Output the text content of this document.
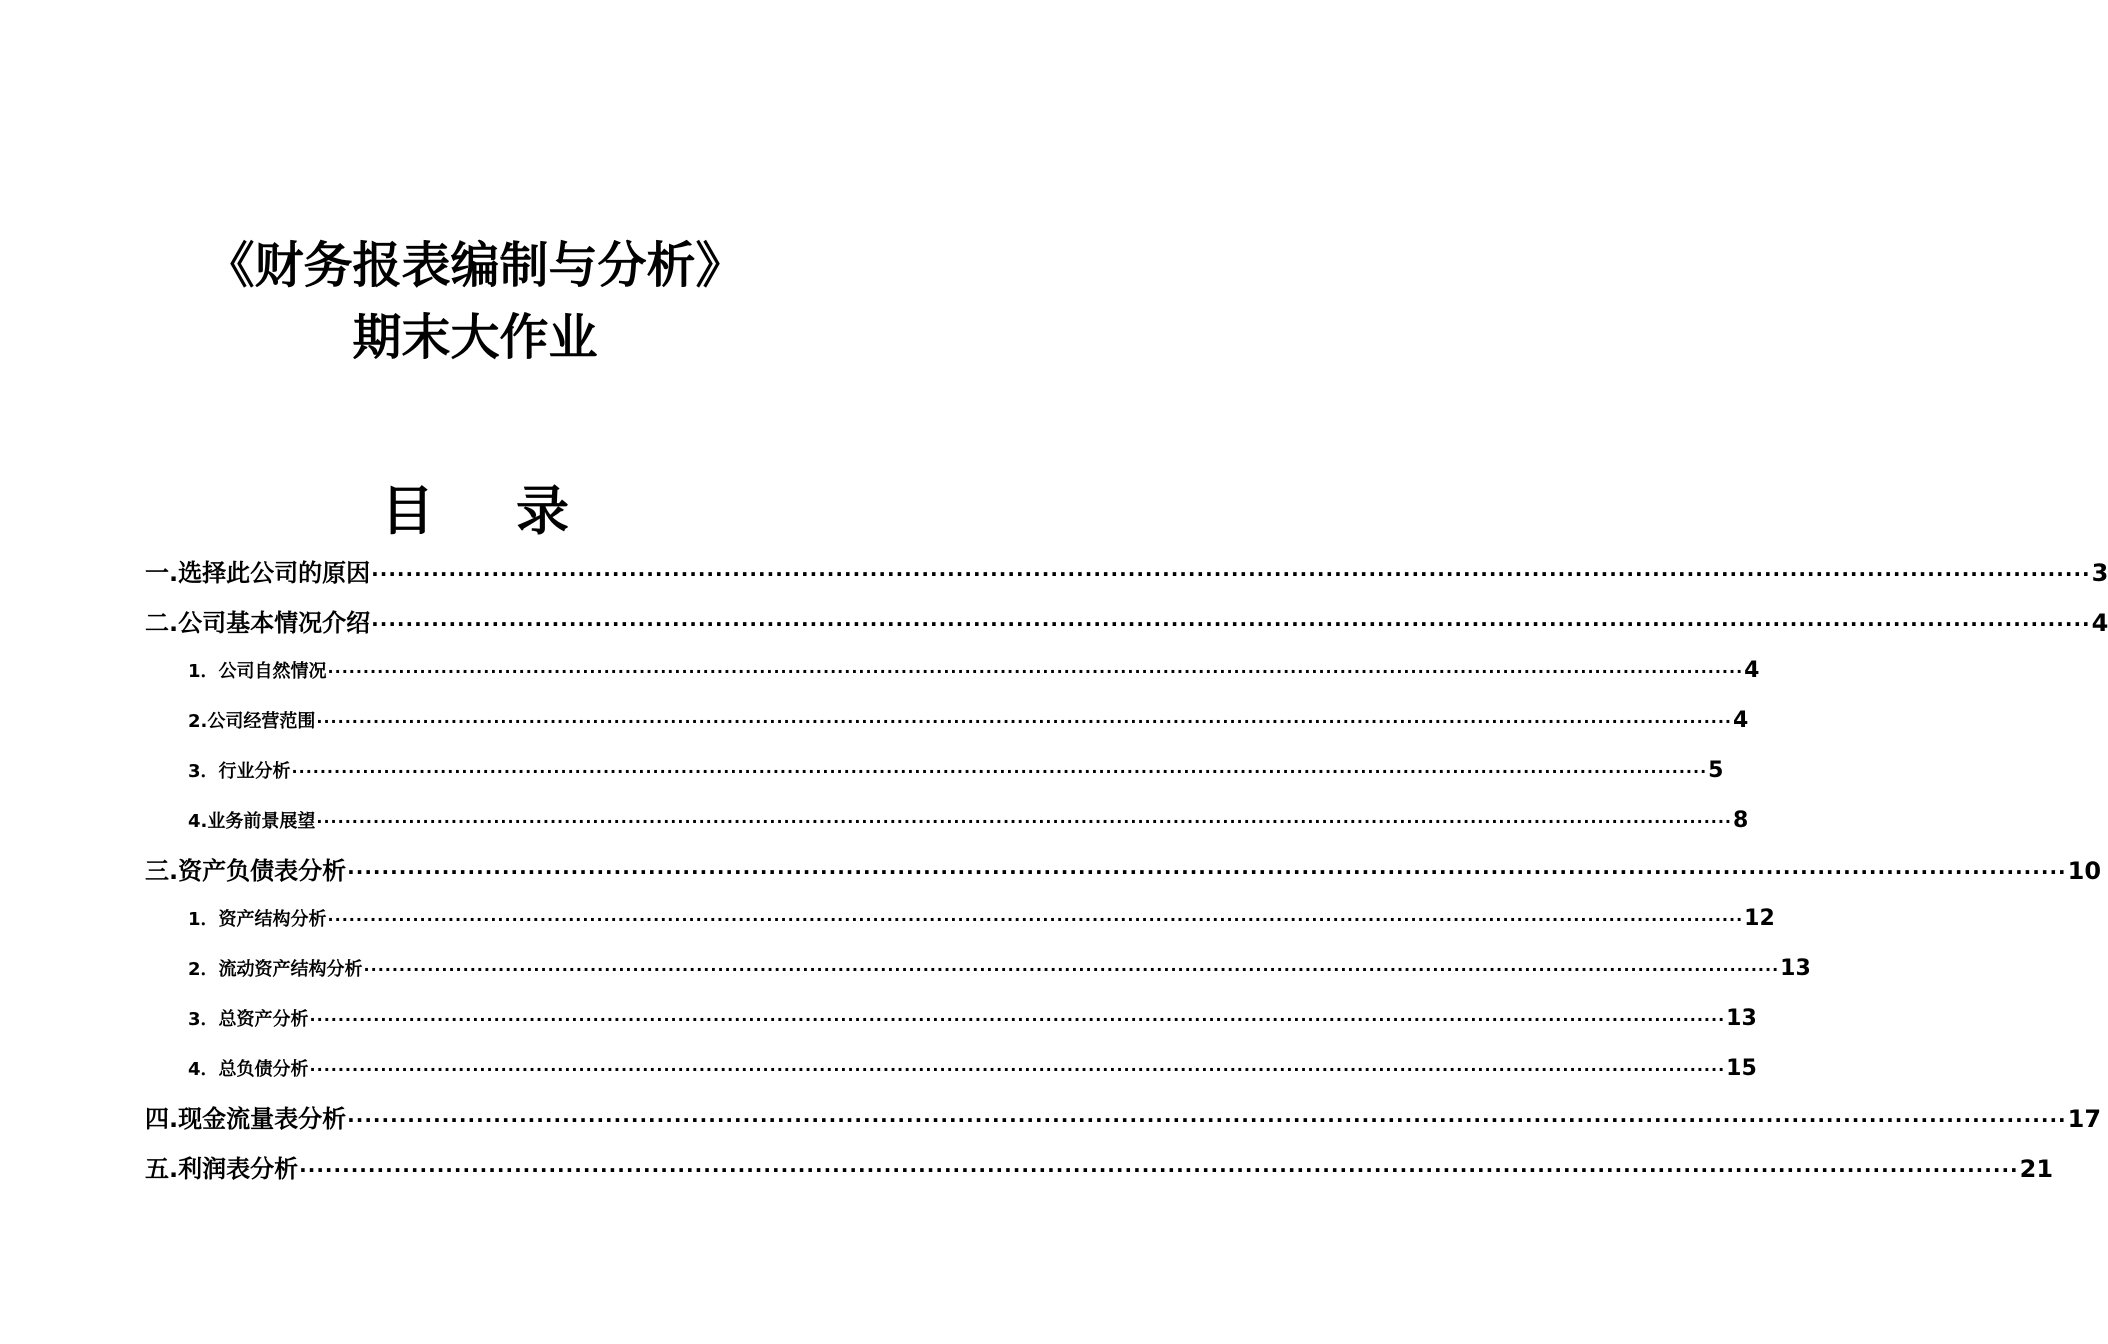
《财务报表编制与分析》
期末大作业
目 录
一.选择此公司的原因 ········································································································································································································ 3
二.公司基本情况介绍 ········································································································································································································ 4
1．公司自然情况 ········································································································································································································ 4
2.公司经营范围 ········································································································································································································ 4
3．行业分析 ········································································································································································································ 5
4.业务前景展望 ········································································································································································································ 8
三.资产负债表分析 ········································································································································································································ 10
1．资产结构分析 ········································································································································································································ 12
2．流动资产结构分析 ········································································································································································································ 13
3．总资产分析 ········································································································································································································ 13
4．总负债分析 ········································································································································································································ 15
四.现金流量表分析 ········································································································································································································ 17
五.利润表分析 ········································································································································································································ 21
